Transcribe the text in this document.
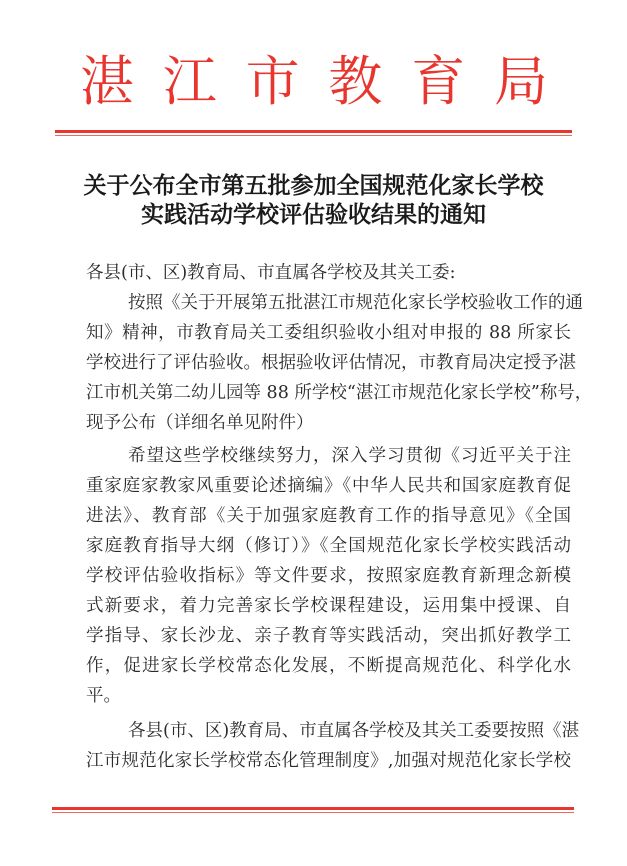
湛 江 市 教 育 局
关于公布全市第五批参加全国规范化家长学校
实践活动学校评估验收结果的通知
各县(市、区)教育局、市直属各学校及其关工委:
按照《关于开展第五批湛江市规范化家长学校验收工作的通
知》精神，市教育局关工委组织验收小组对申报的 88 所家长
学校进行了评估验收。根据验收评估情况，市教育局决定授予湛
江市机关第二幼儿园等 88 所学校“湛江市规范化家长学校”称号，
现予公布（详细名单见附件）
希望这些学校继续努力，深入学习贯彻《习近平关于注
重家庭家教家风重要论述摘编》《中华人民共和国家庭教育促
进法》、教育部《关于加强家庭教育工作的指导意见》《全国
家庭教育指导大纲（修订）》《全国规范化家长学校实践活动
学校评估验收指标》等文件要求，按照家庭教育新理念新模
式新要求，着力完善家长学校课程建设，运用集中授课、自
学指导、家长沙龙、亲子教育等实践活动，突出抓好教学工
作，促进家长学校常态化发展，不断提高规范化、科学化水
平。
各县(市、区)教育局、市直属各学校及其关工委要按照《湛
江市规范化家长学校常态化管理制度》,加强对规范化家长学校
